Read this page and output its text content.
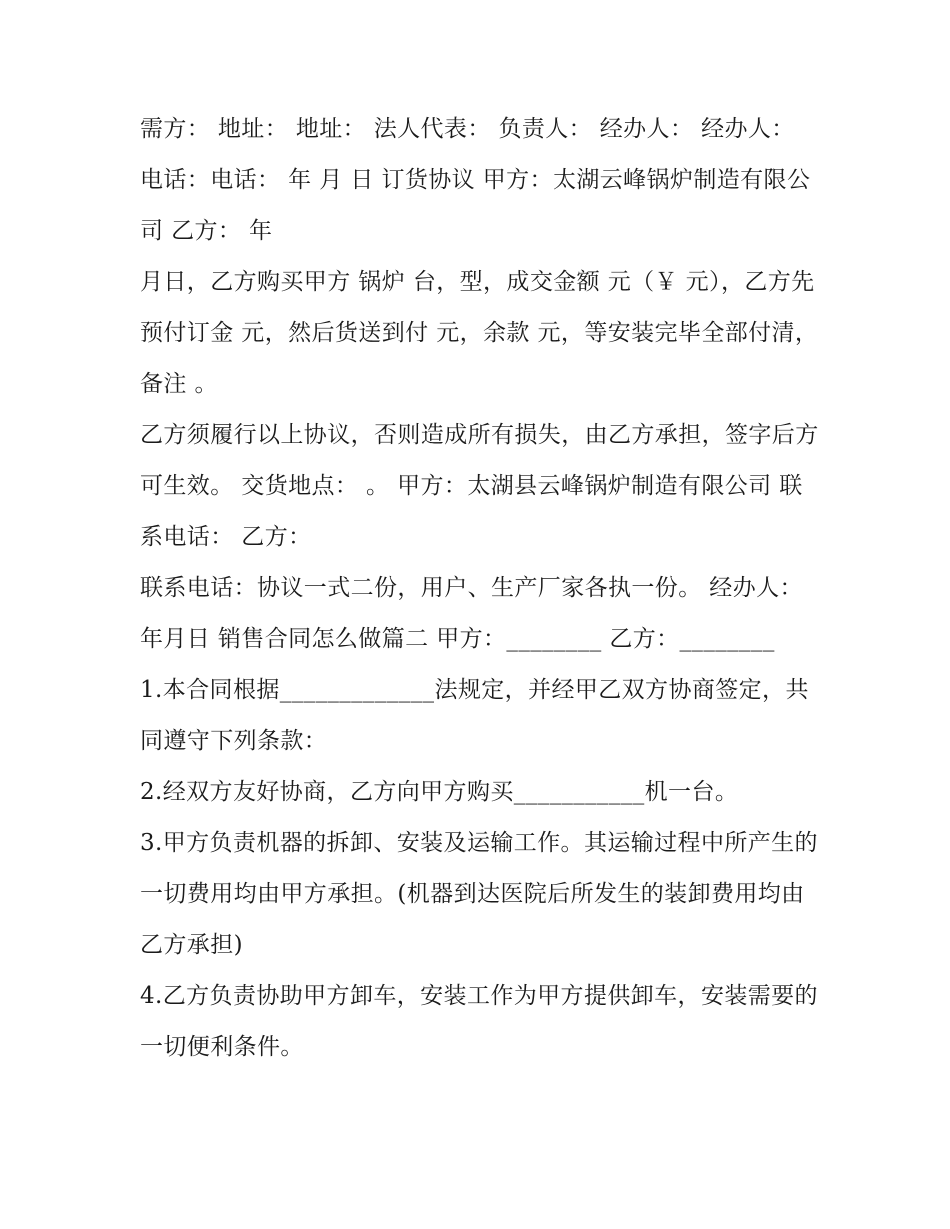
需方： 地址： 地址： 法人代表： 负责人： 经办人： 经办人： 电话：电话： 年 月 日 订货协议 甲方：太湖云峰锅炉制造有限公司 乙方： 年

月日，乙方购买甲方 锅炉 台，型，成交金额 元（￥ 元），乙方先预付订金 元，然后货送到付 元，余款 元，等安装完毕全部付清，备注 。

乙方须履行以上协议，否则造成所有损失，由乙方承担，签字后方可生效。 交货地点： 。 甲方：太湖县云峰锅炉制造有限公司 联系电话： 乙方：

联系电话：协议一式二份，用户、生产厂家各执一份。 经办人： 年月日 销售合同怎么做篇二 甲方：________ 乙方：________

1.本合同根据_____________法规定，并经甲乙双方协商签定，共同遵守下列条款：

2.经双方友好协商，乙方向甲方购买___________机一台。

3.甲方负责机器的拆卸、安装及运输工作。其运输过程中所产生的一切费用均由甲方承担。(机器到达医院后所发生的装卸费用均由乙方承担)

4.乙方负责协助甲方卸车，安装工作为甲方提供卸车，安装需要的一切便利条件。
